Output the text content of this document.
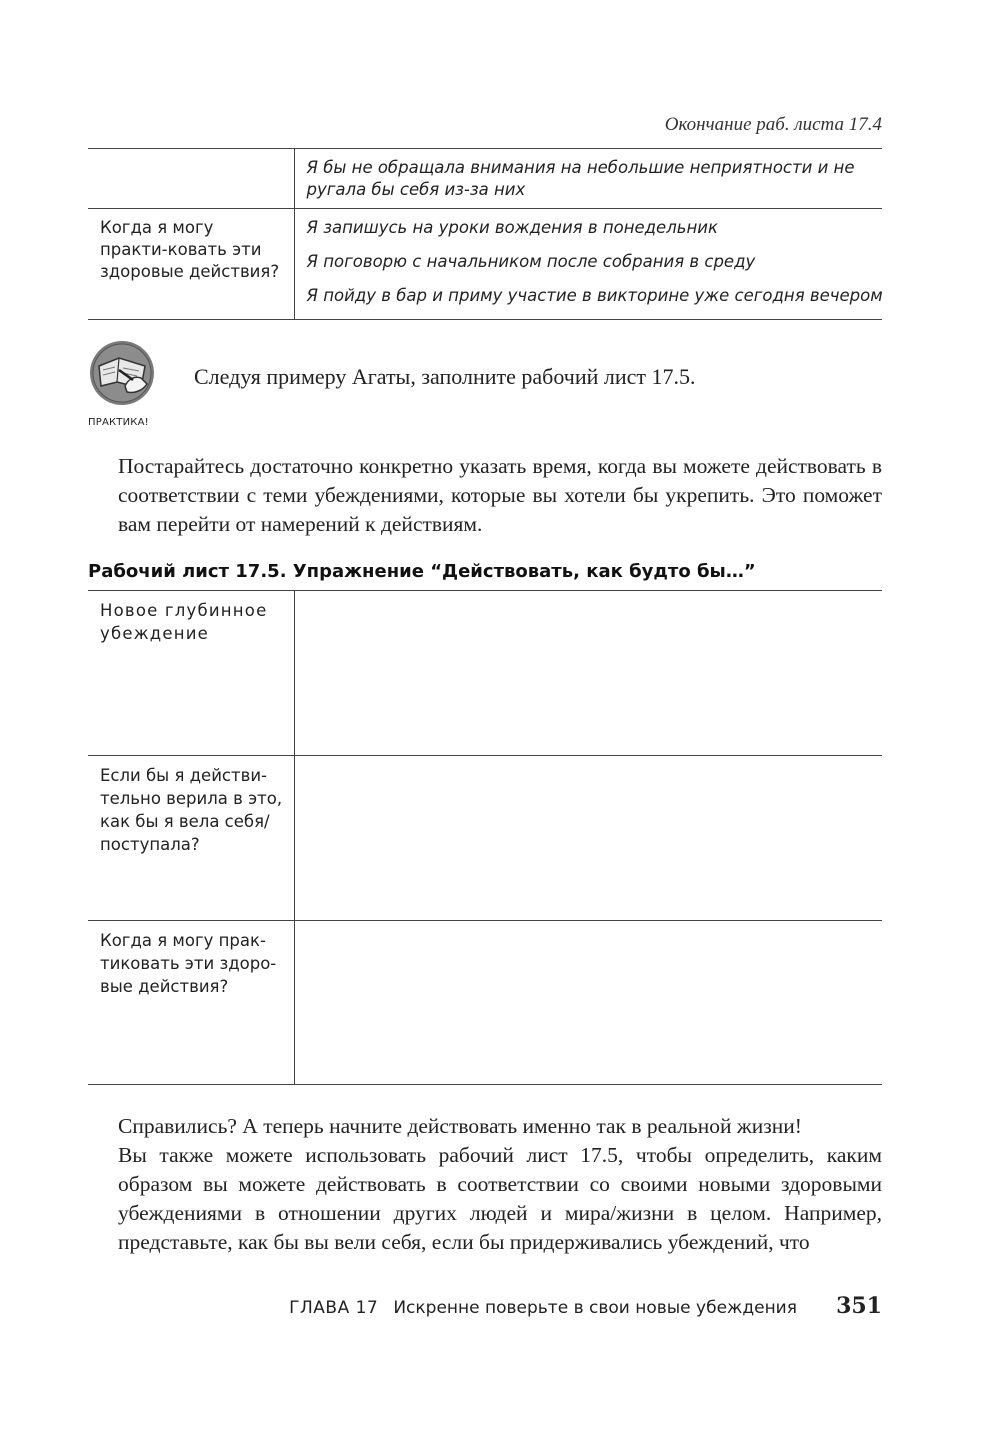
Окончание раб. листа 17.4
	Я бы не обращала внимания на небольшие неприятности и не ругала бы себя из-за них
Когда я могу практи-ковать эти здоровые действия?	Я запишусь на уроки вождения в понедельник
Я поговорю с начальником после собрания в среду
Я пойду в бар и приму участие в викторине уже сегодня вечером
ПРАКТИКА!
Следуя примеру Агаты, заполните рабочий лист 17.5.
Постарайтесь достаточно конкретно указать время, когда вы можете действовать в соответствии с теми убеждениями, которые вы хотели бы укрепить. Это поможет вам перейти от намерений к действиям.
Рабочий лист 17.5. Упражнение “Действовать, как будто бы…”
Новое глубинное убеждение	
Если бы я действи-тельно верила в это, как бы я вела себя/поступала?	
Когда я могу прак-тиковать эти здоро-вые действия?	
Справились? А теперь начните действовать именно так в реальной жизни!
Вы также можете использовать рабочий лист 17.5, чтобы определить, каким образом вы можете действовать в соответствии со своими новыми здоровыми убеждениями в отношении других людей и мира/жизни в целом. Например, представьте, как бы вы вели себя, если бы придерживались убеждений, что
ГЛАВА 17 Искренне поверьте в свои новые убеждения 351
